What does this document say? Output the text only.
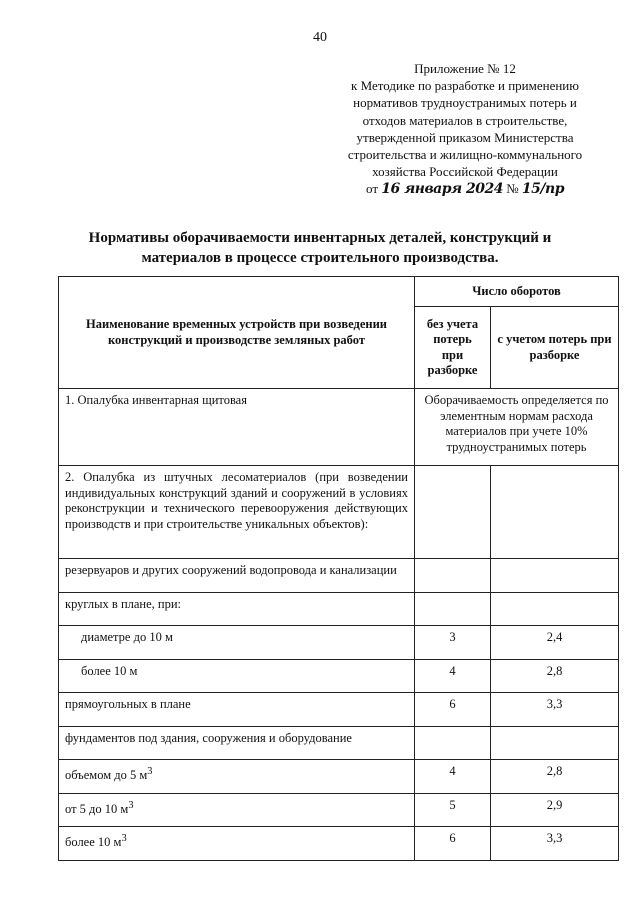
40
Приложение № 12
к Методике по разработке и применению
нормативов трудноустранимых потерь и
отходов материалов в строительстве,
утвержденной приказом Министерства
строительства и жилищно-коммунального
хозяйства Российской Федерации
от 16 января 2024 № 15/пр
Нормативы оборачиваемости инвентарных деталей, конструкций и материалов в процессе строительного производства.
Наименование временных устройств при возведении конструкций и производстве земляных работ	Число оборотов	
	без учета потерь при разборке	с учетом потерь при разборке
1. Опалубка инвентарная щитовая	Оборачиваемость определяется по элементным нормам расхода материалов при учете 10% трудноустранимых потерь	
2. Опалубка из штучных лесоматериалов (при возведении индивидуальных конструкций зданий и сооружений в условиях реконструкции и технического перевооружения действующих производств и при строительстве уникальных объектов):		
резервуаров и других сооружений водопровода и канализации		
круглых в плане, при:		
диаметре до 10 м	3	2,4
более 10 м	4	2,8
прямоугольных в плане	6	3,3
фундаментов под здания, сооружения и оборудование		
объемом до 5 $м^3$	4	2,8
от 5 до 10 $м^3$	5	2,9
более 10 $м^3$	6	3,3
